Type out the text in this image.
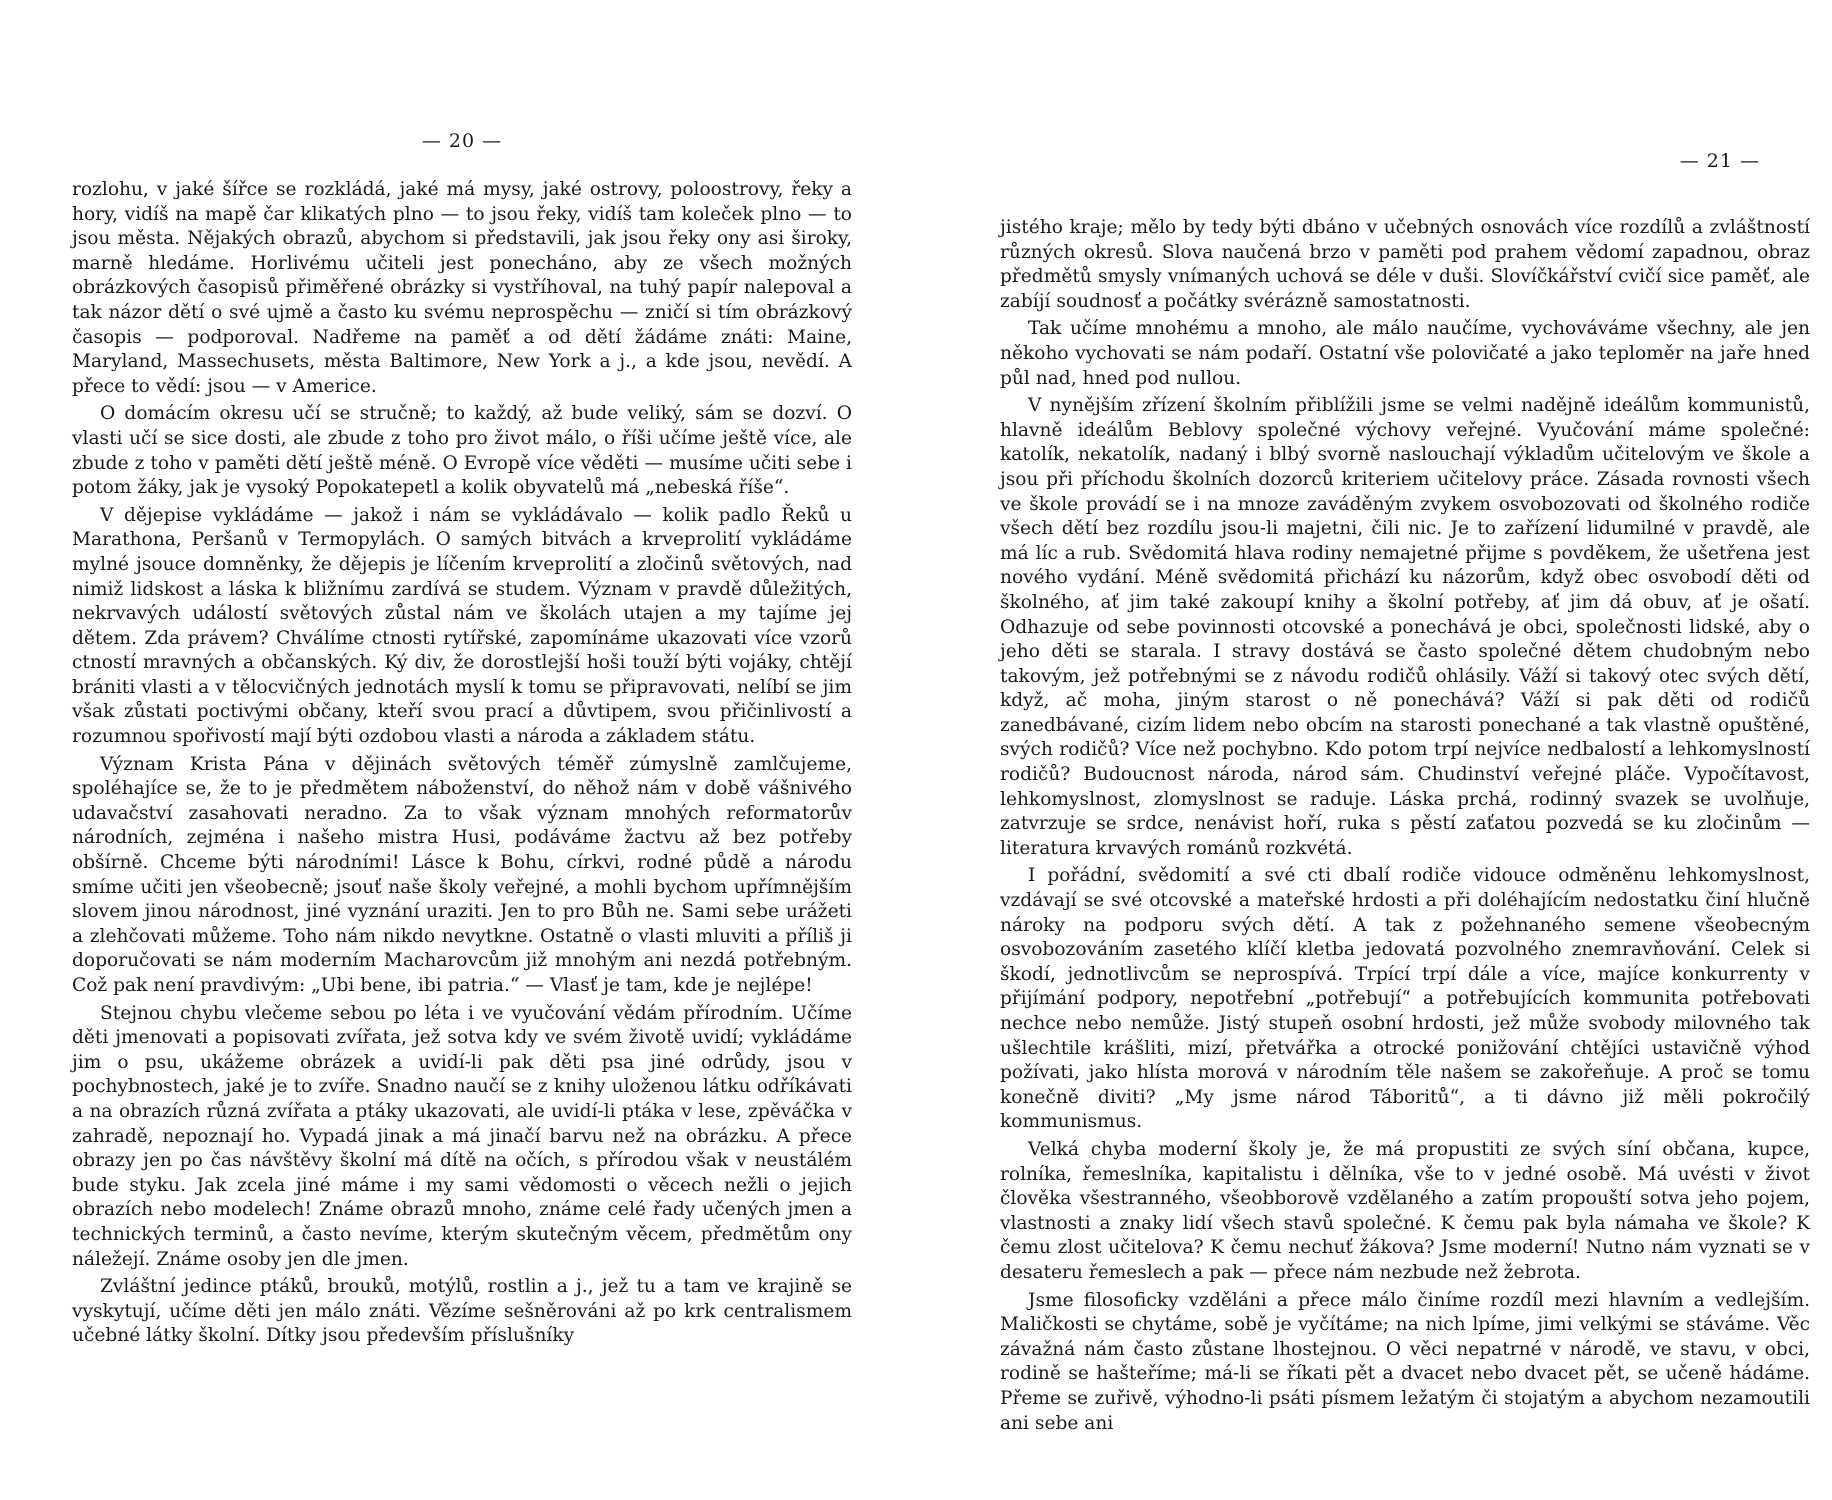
— 20 —

rozlohu, v jaké šířce se rozkládá, jaké má mysy, jaké ostrovy, poloostrovy, řeky a hory, vidíš na mapě čar klikatých plno — to jsou řeky, vidíš tam koleček plno — to jsou města. Nějakých obrazů, abychom si představili, jak jsou řeky ony asi široky, marně hledáme. Horlivému učiteli jest ponecháno, aby ze všech možných obrázkových časopisů přiměřené obrázky si vystříhoval, na tuhý papír nalepoval a tak názor dětí o své ujmě a často ku svému neprospěchu — zničí si tím obrázkový časopis — podporoval. Nadřeme na paměť a od dětí žádáme znáti: Maine, Maryland, Massechusets, města Baltimore, New York a j., a kde jsou, nevědí. A přece to vědí: jsou — v Americe.

O domácím okresu učí se stručně; to každý, až bude veliký, sám se dozví. O vlasti učí se sice dosti, ale zbude z toho pro život málo, o říši učíme ještě více, ale zbude z toho v paměti dětí ještě méně. O Evropě více věděti — musíme učiti sebe i potom žáky, jak je vysoký Popokatepetl a kolik obyvatelů má „nebeská říše“.

V dějepise vykládáme — jakož i nám se vykládávalo — kolik padlo Řeků u Marathona, Peršanů v Termopylách. O samých bitvách a krveprolití vykládáme mylné jsouce domněnky, že dějepis je líčením krveprolití a zločinů světových, nad nimiž lidskost a láska k bližnímu zardívá se studem. Význam v pravdě důležitých, nekrvavých událostí světových zůstal nám ve školách utajen a my tajíme jej dětem. Zda právem? Chválíme ctnosti rytířské, zapomínáme ukazovati více vzorů ctností mravných a občanských. Ký div, že dorostlejší hoši touží býti vojáky, chtějí brániti vlasti a v tělocvičných jednotách myslí k tomu se připravovati, nelíbí se jim však zůstati poctivými občany, kteří svou prací a důvtipem, svou přičinlivostí a rozumnou spořivostí mají býti ozdobou vlasti a národa a základem státu.

Význam Krista Pána v dějinách světových téměř zúmyslně zamlčujeme, spoléhajíce se, že to je předmětem náboženství, do něhož nám v době vášnivého udavačství zasahovati neradno. Za to však význam mnohých reformatorův národních, zejména i našeho mistra Husi, podáváme žactvu až bez potřeby obšírně. Chceme býti národními! Lásce k Bohu, církvi, rodné půdě a národu smíme učiti jen všeobecně; jsouť naše školy veřejné, a mohli bychom upřímnějším slovem jinou národnost, jiné vyznání uraziti. Jen to pro Bůh ne. Sami sebe urážeti a zlehčovati můžeme. Toho nám nikdo nevytkne. Ostatně o vlasti mluviti a příliš ji doporučovati se nám moderním Macharovcům již mnohým ani nezdá potřebným. Což pak není pravdivým: „Ubi bene, ibi patria.“ — Vlasť je tam, kde je nejlépe!

Stejnou chybu vlečeme sebou po léta i ve vyučování vědám přírodním. Učíme děti jmenovati a popisovati zvířata, jež sotva kdy ve svém životě uvidí; vykládáme jim o psu, ukážeme obrázek a uvidí-li pak děti psa jiné odrůdy, jsou v pochybnostech, jaké je to zvíře. Snadno naučí se z knihy uloženou látku odříkávati a na obrazích různá zvířata a ptáky ukazovati, ale uvidí-li ptáka v lese, zpěváčka v zahradě, nepoznají ho. Vypadá jinak a má jinačí barvu než na obrázku. A přece obrazy jen po čas návštěvy školní má dítě na očích, s přírodou však v neustálém bude styku. Jak zcela jiné máme i my sami vědomosti o věcech nežli o jejich obrazích nebo modelech! Známe obrazů mnoho, známe celé řady učených jmen a technických terminů, a často nevíme, kterým skutečným věcem, předmětům ony náležejí. Známe osoby jen dle jmen.

Zvláštní jedince ptáků, brouků, motýlů, rostlin a j., jež tu a tam ve krajině se vyskytují, učíme děti jen málo znáti. Vězíme sešněrováni až po krk centralismem učebné látky školní. Dítky jsou především příslušníky

— 21 —

jistého kraje; mělo by tedy býti dbáno v učebných osnovách více rozdílů a zvláštností různých okresů. Slova naučená brzo v paměti pod prahem vědomí zapadnou, obraz předmětů smysly vnímaných uchová se déle v duši. Slovíčkářství cvičí sice paměť, ale zabíjí soudnosť a počátky svérázně samostatnosti.

Tak učíme mnohému a mnoho, ale málo naučíme, vychováváme všechny, ale jen někoho vychovati se nám podaří. Ostatní vše polovičaté a jako teploměr na jaře hned půl nad, hned pod nullou.

V nynějším zřízení školním přiblížili jsme se velmi nadějně ideálům kommunistů, hlavně ideálům Beblovy společné výchovy veřejné. Vyučování máme společné: katolík, nekatolík, nadaný i blbý svorně naslouchají výkladům učitelovým ve škole a jsou při příchodu školních dozorců kriteriem učitelovy práce. Zásada rovnosti všech ve škole provádí se i na mnoze zaváděným zvykem osvobozovati od školného rodiče všech dětí bez rozdílu jsou-li majetni, čili nic. Je to zařízení lidumilné v pravdě, ale má líc a rub. Svědomitá hlava rodiny nemajetné přijme s povděkem, že ušetřena jest nového vydání. Méně svědomitá přichází ku názorům, když obec osvobodí děti od školného, ať jim také zakoupí knihy a školní potřeby, ať jim dá obuv, ať je ošatí. Odhazuje od sebe povinnosti otcovské a ponechává je obci, společnosti lidské, aby o jeho děti se starala. I stravy dostává se často společné dětem chudobným nebo takovým, jež potřebnými se z návodu rodičů ohlásily. Váží si takový otec svých dětí, když, ač moha, jiným starost o ně ponechává? Váží si pak děti od rodičů zanedbávané, cizím lidem nebo obcím na starosti ponechané a tak vlastně opuštěné, svých rodičů? Více než pochybno. Kdo potom trpí nejvíce nedbalostí a lehkomyslností rodičů? Budoucnost národa, národ sám. Chudinství veřejné pláče. Vypočítavost, lehkomyslnost, zlomyslnost se raduje. Láska prchá, rodinný svazek se uvolňuje, zatvrzuje se srdce, nenávist hoří, ruka s pěstí zaťatou pozvedá se ku zločinům — literatura krvavých románů rozkvétá.

I pořádní, svědomití a své cti dbalí rodiče vidouce odměněnu lehkomyslnost, vzdávají se své otcovské a mateřské hrdosti a při doléhajícím nedostatku činí hlučně nároky na podporu svých dětí. A tak z požehnaného semene všeobecným osvobozováním zasetého klíčí kletba jedovatá pozvolného znemravňování. Celek si škodí, jednotlivcům se neprospívá. Trpící trpí dále a více, majíce konkurrenty v přijímání podpory, nepotřební „potřebují“ a potřebujících kommunita potřebovati nechce nebo nemůže. Jistý stupeň osobní hrdosti, jež může svobody milovného tak ušlechtile krášliti, mizí, přetvářka a otrocké ponižování chtějíci ustavičně výhod požívati, jako hlísta morová v národním těle našem se zakořeňuje. A proč se tomu konečně diviti? „My jsme národ Táboritů“, a ti dávno již měli pokročilý kommunismus.

Velká chyba moderní školy je, že má propustiti ze svých síní občana, kupce, rolníka, řemeslníka, kapitalistu i dělníka, vše to v jedné osobě. Má uvésti v život člověka všestranného, všeobborově vzdělaného a zatím propouští sotva jeho pojem, vlastnosti a znaky lidí všech stavů společné. K čemu pak byla námaha ve škole? K čemu zlost učitelova? K čemu nechuť žákova? Jsme moderní! Nutno nám vyznati se v desateru řemeslech a pak — přece nám nezbude než žebrota.

Jsme filosoficky vzděláni a přece málo činíme rozdíl mezi hlavním a vedlejším. Maličkosti se chytáme, sobě je vyčítáme; na nich lpíme, jimi velkými se stáváme. Věc závažná nám často zůstane lhostejnou. O věci nepatrné v národě, ve stavu, v obci, rodině se hašteříme; má-li se říkati pět a dvacet nebo dvacet pět, se učeně hádáme. Přeme se zuřivě, výhodno-li psáti písmem ležatým či stojatým a abychom nezamoutili ani sebe ani
